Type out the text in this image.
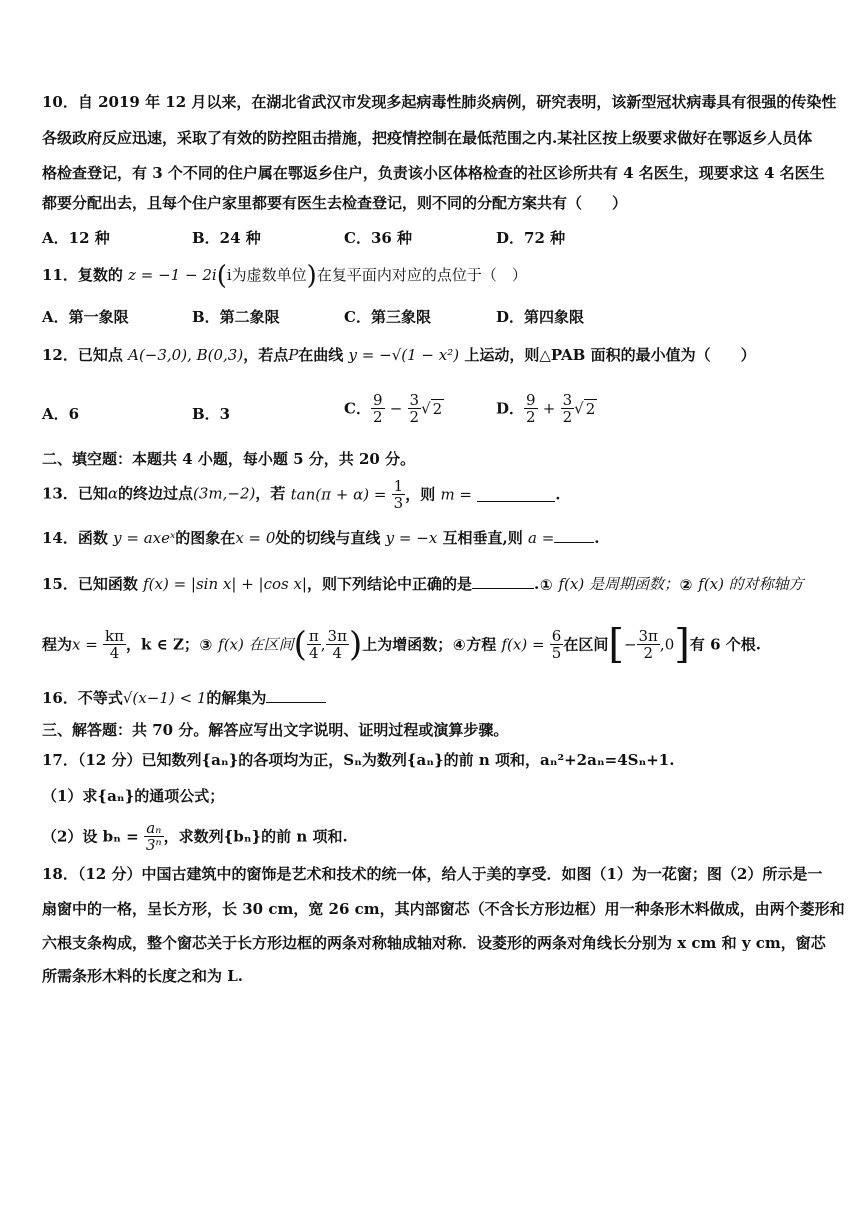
10．自 2019 年 12 月以来，在湖北省武汉市发现多起病毒性肺炎病例，研究表明，该新型冠状病毒具有很强的传染性
各级政府反应迅速，采取了有效的防控阻击措施，把疫情控制在最低范围之内.某社区按上级要求做好在鄂返乡人员体
格检查登记，有 3 个不同的住户属在鄂返乡住户，负责该小区体格检查的社区诊所共有 4 名医生，现要求这 4 名医生
都要分配出去，且每个住户家里都要有医生去检查登记，则不同的分配方案共有（　　）
A．12 种	B．24 种	C．36 种	D．72 种
11．复数的 z = −1 − 2i(i为虚数单位)在复平面内对应的点位于（　）
A．第一象限	B．第二象限	C．第三象限	D．第四象限
12．已知点 A(−3,0), B(0,3)，若点P在曲线 y = −√(1 − x²) 上运动，则△PAB 面积的最小值为（　　）
A．6	B．3	C． $\frac{9}{2} - \frac{3}{2}$ √ 2	D． $\frac{9}{2} + \frac{3}{2}$ √ 2
二、填空题：本题共 4 小题，每小题 5 分，共 20 分。
13．已知α的终边过点(3m,−2)，若 $\tan(\pi + \alpha) = \frac{1}{3}$ ，则 m =	.
14．函数 y = axeˣ的图象在x = 0处的切线与直线 y = −x 互相垂直,则 a =	.
15．已知函数 f(x) = |sin x| + |cos x|，则下列结论中正确的是	.① f(x) 是周期函数；② f(x) 的对称轴方
程为$x = \frac{k\pi}{4}$ ，k ∈ Z；③ f(x) 在区间( $\frac{\pi}{4}$ , $\frac{3\pi}{4}$ )上为增函数；④方程 $f(x) = \frac{6}{5}$ 在区间[− $\frac{3\pi}{2} ,0$]有 6 个根.
16．不等式√(x−1) < 1的解集为
三、解答题：共 70 分。解答应写出文字说明、证明过程或演算步骤。
17．（12 分）已知数列{aₙ}的各项均为正，Sₙ为数列{aₙ}的前 n 项和，aₙ²+2aₙ=4Sₙ+1.
（1）求{aₙ}的通项公式；
（2）设 $b_n = \frac{\text{aₙ}}{\text{3ⁿ}}$ ，求数列{bₙ}的前 n 项和.
18．（12 分）中国古建筑中的窗饰是艺术和技术的统一体，给人于美的享受．如图（1）为一花窗；图（2）所示是一
扇窗中的一格，呈长方形，长 30 cm，宽 26 cm，其内部窗芯（不含长方形边框）用一种条形木料做成，由两个菱形和
六根支条构成，整个窗芯关于长方形边框的两条对称轴成轴对称．设菱形的两条对角线长分别为 x cm 和 y cm，窗芯
所需条形木料的长度之和为 L.
